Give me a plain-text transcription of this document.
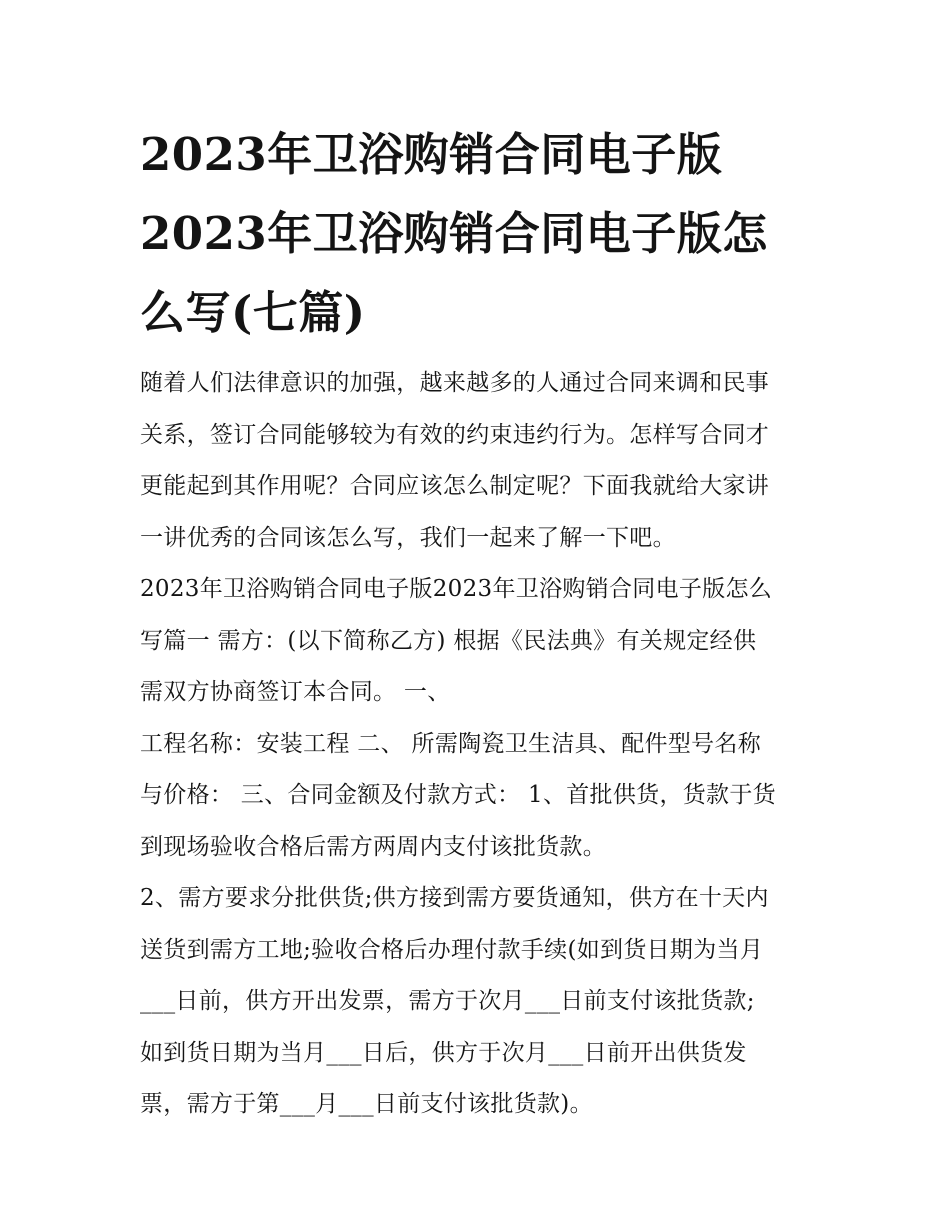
2023年卫浴购销合同电子版
2023年卫浴购销合同电子版怎
么写(七篇)

随着人们法律意识的加强，越来越多的人通过合同来调和民事
关系，签订合同能够较为有效的约束违约行为。怎样写合同才
更能起到其作用呢？合同应该怎么制定呢？下面我就给大家讲
一讲优秀的合同该怎么写，我们一起来了解一下吧。

2023年卫浴购销合同电子版2023年卫浴购销合同电子版怎么
写篇一 需方：(以下简称乙方) 根据《民法典》有关规定经供
需双方协商签订本合同。 一、

工程名称：安装工程 二、 所需陶瓷卫生洁具、配件型号名称
与价格： 三、合同金额及付款方式： 1、首批供货，货款于货
到现场验收合格后需方两周内支付该批货款。

2、需方要求分批供货;供方接到需方要货通知，供方在十天内
送货到需方工地;验收合格后办理付款手续(如到货日期为当月
___日前，供方开出发票，需方于次月___日前支付该批货款;
如到货日期为当月___日后，供方于次月___日前开出供货发
票，需方于第___月___日前支付该批货款)。
